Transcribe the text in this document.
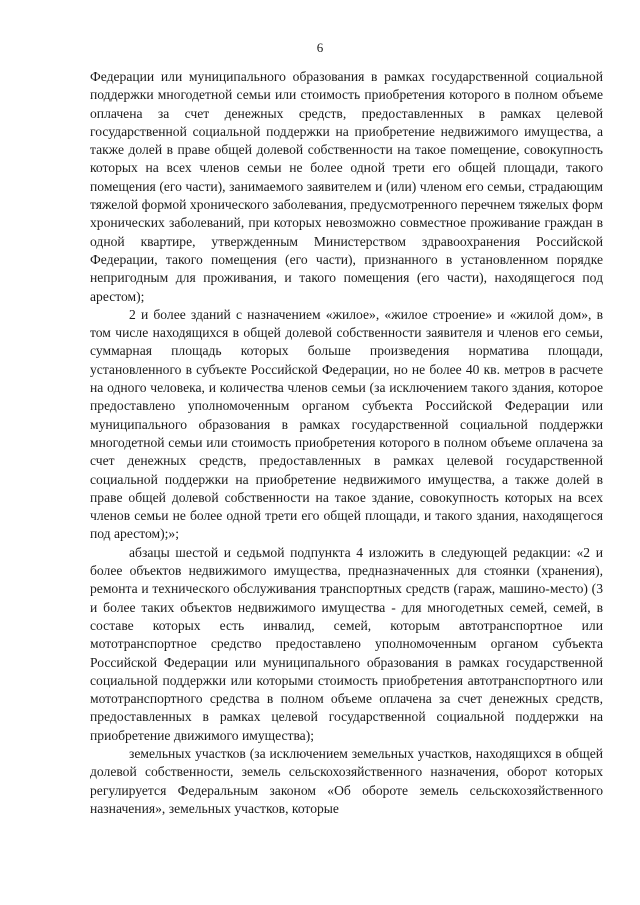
6

Федерации или муниципального образования в рамках государственной социальной поддержки многодетной семьи или стоимость приобретения которого в полном объеме оплачена за счет денежных средств, предоставленных в рамках целевой государственной социальной поддержки на приобретение недвижимого имущества, а также долей в праве общей долевой собственности на такое помещение, совокупность которых на всех членов семьи не более одной трети его общей площади, такого помещения (его части), занимаемого заявителем и (или) членом его семьи, страдающим тяжелой формой хронического заболевания, предусмотренного перечнем тяжелых форм хронических заболеваний, при которых невозможно совместное проживание граждан в одной квартире, утвержденным Министерством здравоохранения Российской Федерации, такого помещения (его части), признанного в установленном порядке непригодным для проживания, и такого помещения (его части), находящегося под арестом);

2 и более зданий с назначением «жилое», «жилое строение» и «жилой дом», в том числе находящихся в общей долевой собственности заявителя и членов его семьи, суммарная площадь которых больше произведения норматива площади, установленного в субъекте Российской Федерации, но не более 40 кв. метров в расчете на одного человека, и количества членов семьи (за исключением такого здания, которое предоставлено уполномоченным органом субъекта Российской Федерации или муниципального образования в рамках государственной социальной поддержки многодетной семьи или стоимость приобретения которого в полном объеме оплачена за счет денежных средств, предоставленных в рамках целевой государственной социальной поддержки на приобретение недвижимого имущества, а также долей в праве общей долевой собственности на такое здание, совокупность которых на всех членов семьи не более одной трети его общей площади, и такого здания, находящегося под арестом);»;

абзацы шестой и седьмой подпункта 4 изложить в следующей редакции: «2 и более объектов недвижимого имущества, предназначенных для стоянки (хранения), ремонта и технического обслуживания транспортных средств (гараж, машино-место) (3 и более таких объектов недвижимого имущества - для многодетных семей, семей, в составе которых есть инвалид, семей, которым автотранспортное или мототранспортное средство предоставлено уполномоченным органом субъекта Российской Федерации или муниципального образования в рамках государственной социальной поддержки или которыми стоимость приобретения автотранспортного или мототранспортного средства в полном объеме оплачена за счет денежных средств, предоставленных в рамках целевой государственной социальной поддержки на приобретение движимого имущества);

земельных участков (за исключением земельных участков, находящихся в общей долевой собственности, земель сельскохозяйственного назначения, оборот которых регулируется Федеральным законом «Об обороте земель сельскохозяйственного назначения», земельных участков, которые
